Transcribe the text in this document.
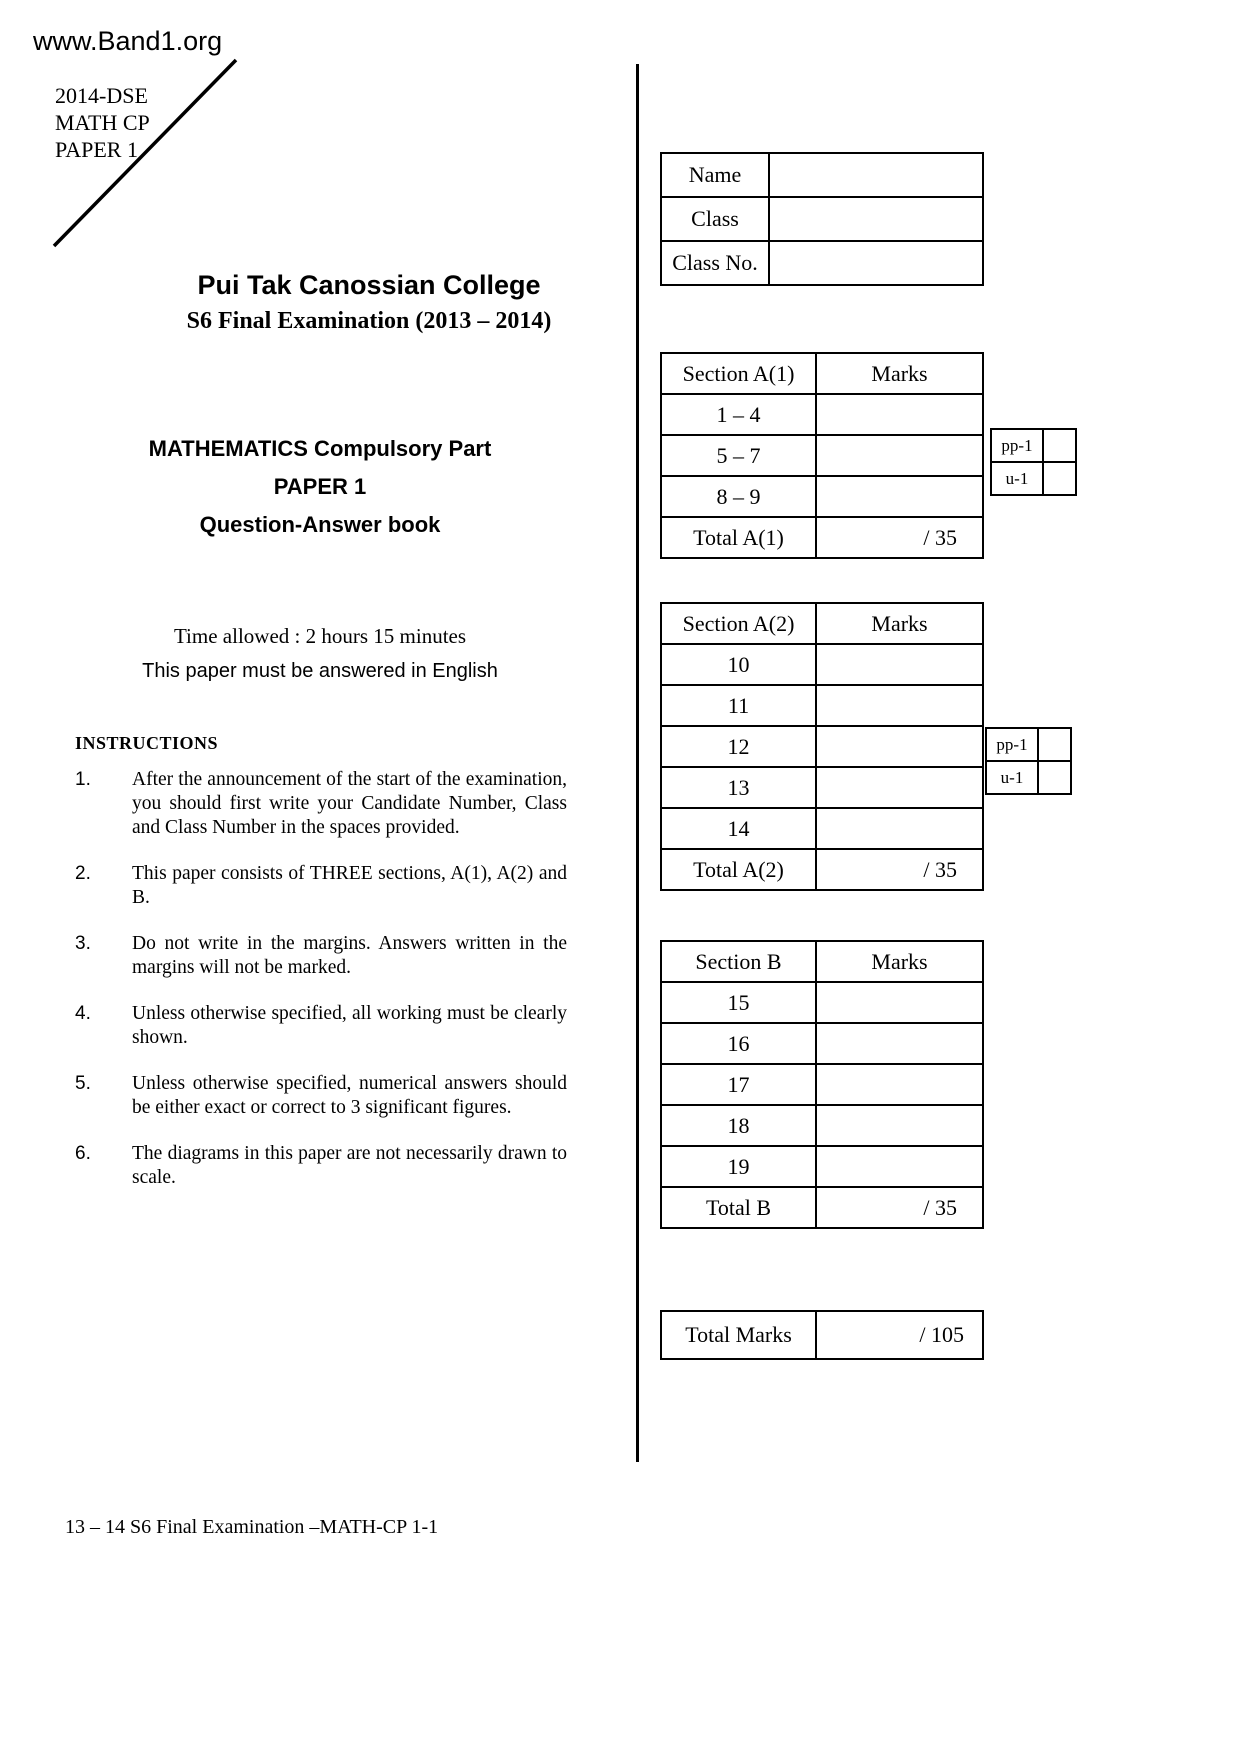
www.Band1.org
2014-DSE
MATH CP
PAPER 1
Name	
Class	
Class No.	
Pui Tak Canossian College
S6 Final Examination (2013 – 2014)
MATHEMATICS Compulsory Part
PAPER 1
Question-Answer book
Time allowed : 2 hours 15 minutes
This paper must be answered in English
INSTRUCTIONS
1.	After the announcement of the start of the examination, you should first write your Candidate Number, Class and Class Number in the spaces provided.
2.	This paper consists of THREE sections, A(1), A(2) and B.
3.	Do not write in the margins. Answers written in the margins will not be marked.
4.	Unless otherwise specified, all working must be clearly shown.
5.	Unless otherwise specified, numerical answers should be either exact or correct to 3 significant figures.
6.	The diagrams in this paper are not necessarily drawn to scale.
Section A(1)	Marks
1 – 4	
5 – 7	
8 – 9	
Total A(1)	/ 35
pp-1	
u-1	
Section A(2)	Marks
10	
11	
12	
13	
14	
Total A(2)	/ 35
pp-1	
u-1	
Section B	Marks
15	
16	
17	
18	
19	
Total B	/ 35
Total Marks	/ 105
13 – 14 S6 Final Examination –MATH-CP 1-1
